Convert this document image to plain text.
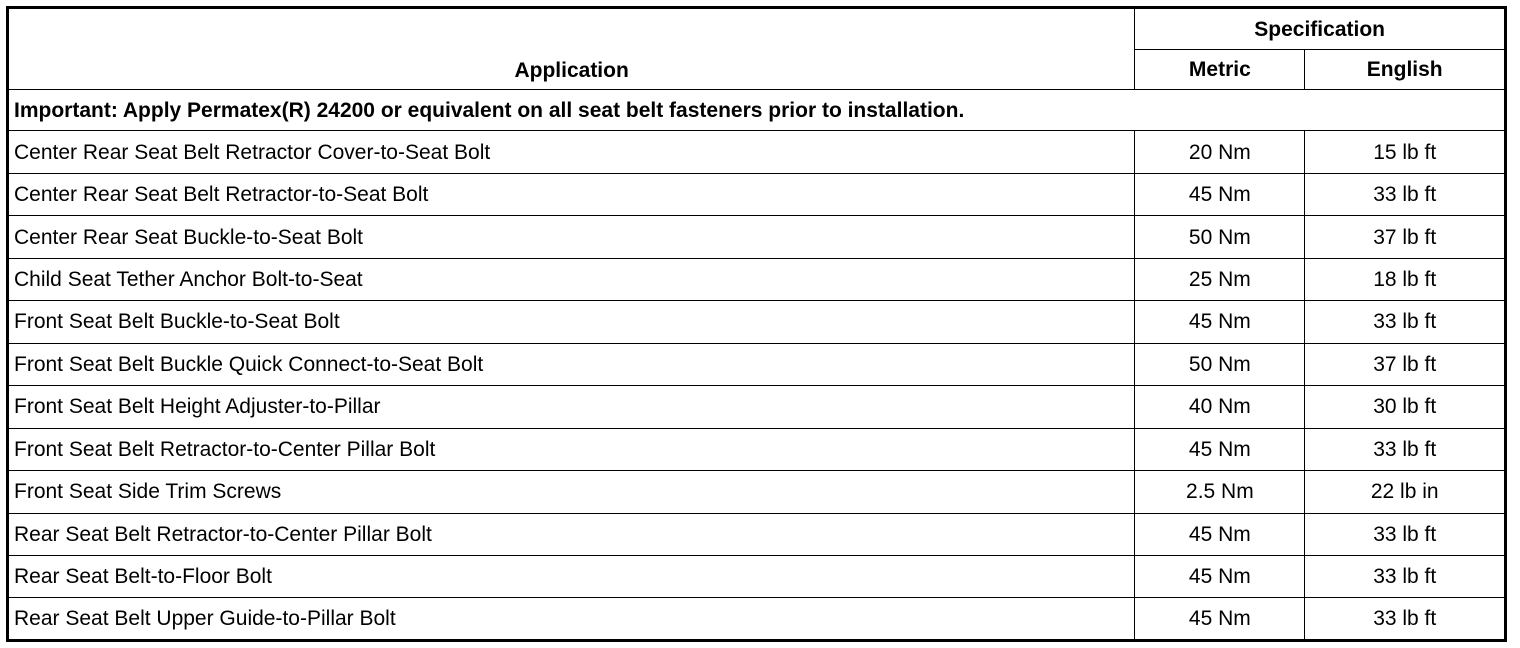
Application	Specification	
	Metric	English
Important: Apply Permatex(R) 24200 or equivalent on all seat belt fasteners prior to installation.		
Center Rear Seat Belt Retractor Cover-to-Seat Bolt	20 Nm	15 lb ft
Center Rear Seat Belt Retractor-to-Seat Bolt	45 Nm	33 lb ft
Center Rear Seat Buckle-to-Seat Bolt	50 Nm	37 lb ft
Child Seat Tether Anchor Bolt-to-Seat	25 Nm	18 lb ft
Front Seat Belt Buckle-to-Seat Bolt	45 Nm	33 lb ft
Front Seat Belt Buckle Quick Connect-to-Seat Bolt	50 Nm	37 lb ft
Front Seat Belt Height Adjuster-to-Pillar	40 Nm	30 lb ft
Front Seat Belt Retractor-to-Center Pillar Bolt	45 Nm	33 lb ft
Front Seat Side Trim Screws	2.5 Nm	22 lb in
Rear Seat Belt Retractor-to-Center Pillar Bolt	45 Nm	33 lb ft
Rear Seat Belt-to-Floor Bolt	45 Nm	33 lb ft
Rear Seat Belt Upper Guide-to-Pillar Bolt	45 Nm	33 lb ft
